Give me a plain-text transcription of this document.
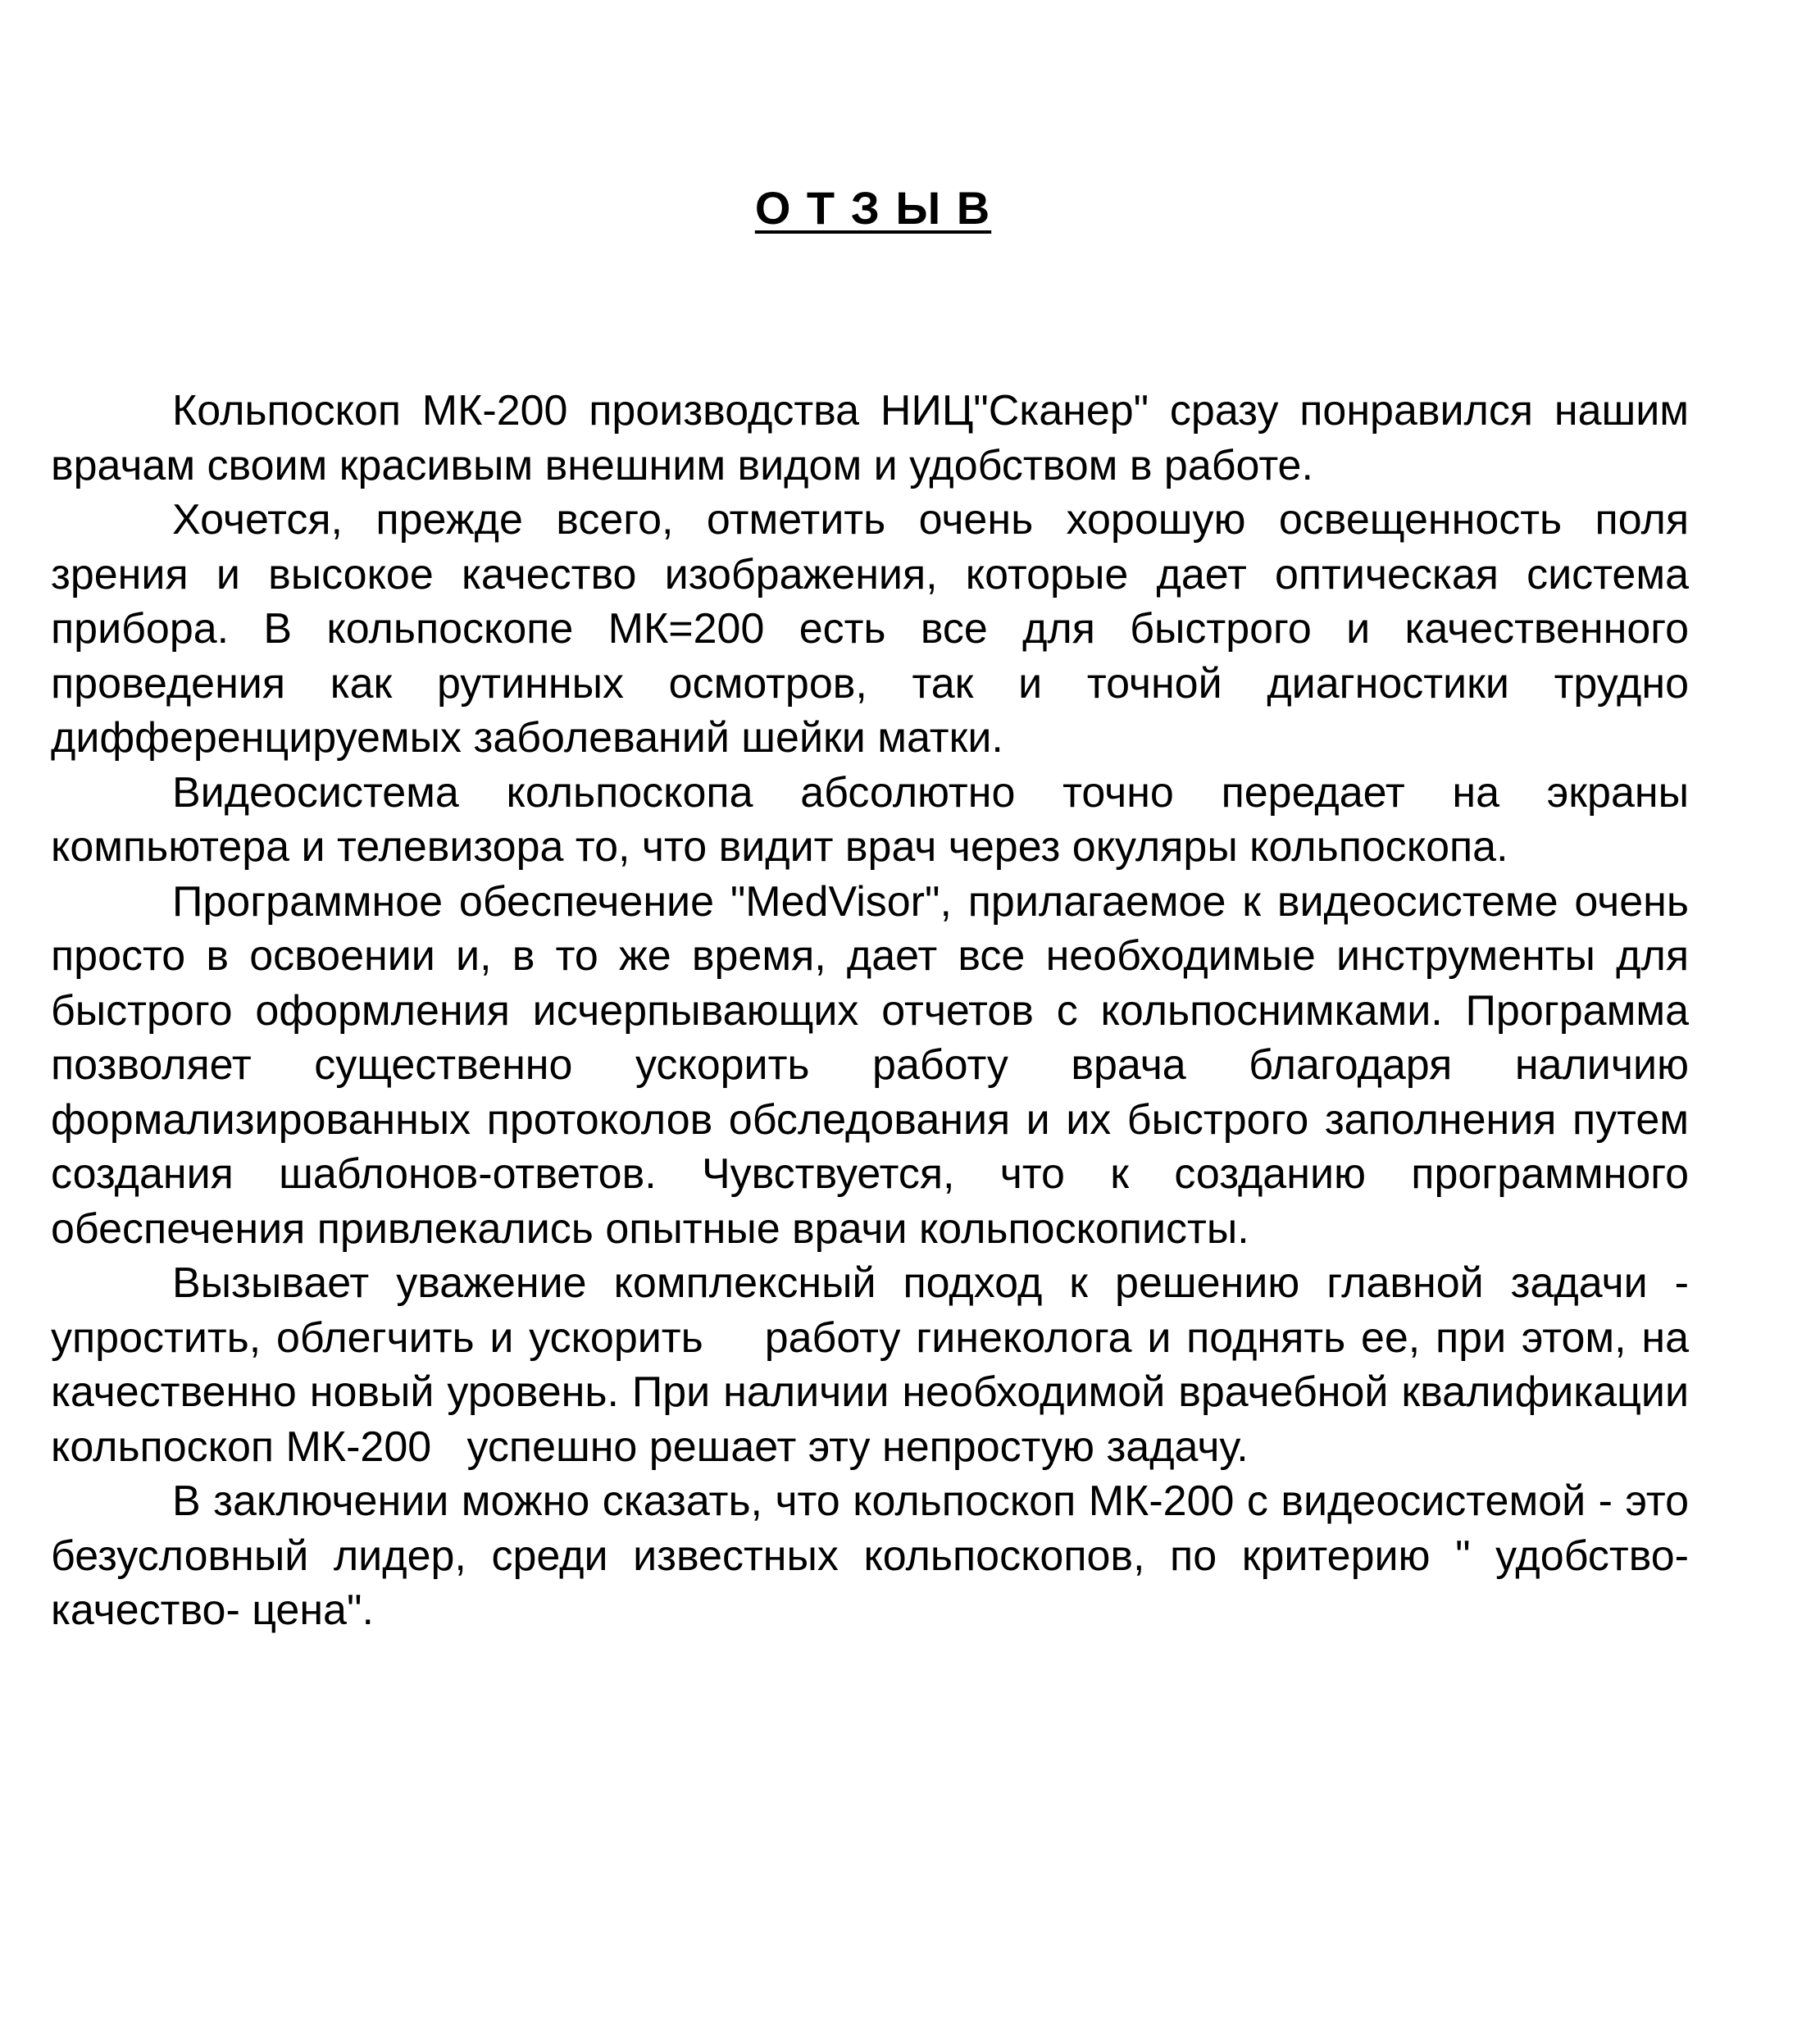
О Т З Ы В

Кольпоскоп МК-200 производства НИЦ"Сканер" сразу понравился нашим врачам своим красивым внешним видом и удобством в работе.

Хочется, прежде всего, отметить очень хорошую освещенность поля зрения и высокое качество изображения, которые дает оптическая система прибора. В кольпоскопе МК=200 есть все для быстрого и качественного проведения как рутинных осмотров, так и точной диагностики трудно дифференцируемых заболеваний шейки матки.

Видеосистема кольпоскопа абсолютно точно передает на экраны компьютера и телевизора то, что видит врач через окуляры кольпоскопа.

Программное обеспечение "MedVisor", прилагаемое к видеосистеме очень просто в освоении и, в то же время, дает все необходимые инструменты для быстрого оформления исчерпывающих отчетов с кольпоснимками. Программа позволяет существенно ускорить работу врача благодаря наличию формализированных протоколов обследования и их быстрого заполнения путем создания шаблонов-ответов. Чувствуется, что к созданию программного обеспечения привлекались опытные врачи кольпоскописты.

Вызывает уважение комплексный подход к решению главной задачи -  упростить, облегчить и ускорить    работу гинеколога и поднять ее, при этом, на качественно новый уровень. При наличии необходимой врачебной квалификации кольпоскоп МК-200   успешно решает эту непростую задачу.

В заключении можно сказать, что кольпоскоп МК-200 с видеосистемой - это безусловный лидер, среди известных кольпоскопов, по критерию " удобство-качество- цена".
